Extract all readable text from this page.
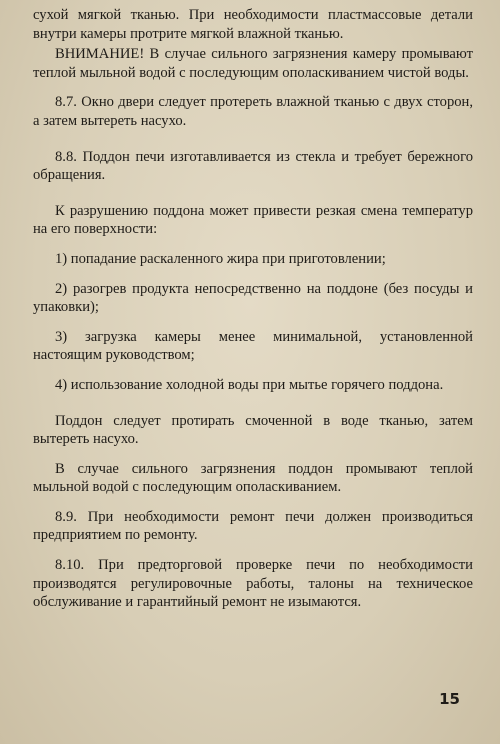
сухой мягкой тканью. При необходимости пластмассовые детали внутри камеры протрите мягкой влажной тканью.

ВНИМАНИЕ! В случае сильного загрязнения камеру промывают теплой мыльной водой с последующим ополаскиванием чистой воды.

8.7. Окно двери следует протереть влажной тканью с двух сторон, а затем вытереть насухо.

8.8. Поддон печи изготавливается из стекла и требует бережного обращения.

К разрушению поддона может привести резкая смена температур на его поверхности:

1) попадание раскаленного жира при приготовлении;

2) разогрев продукта непосредственно на поддоне (без посуды и упаковки);

3) загрузка камеры менее минимальной, установленной настоящим руководством;

4) использование холодной воды при мытье горячего поддона.

Поддон следует протирать смоченной в воде тканью, затем вытереть насухо.

В случае сильного загрязнения поддон промывают теплой мыльной водой с последующим ополаскиванием.

8.9. При необходимости ремонт печи должен производиться предприятием по ремонту.

8.10. При предторговой проверке печи по необходимости производятся регулировочные работы, талоны на техническое обслуживание и гарантийный ремонт не изымаются.

15
